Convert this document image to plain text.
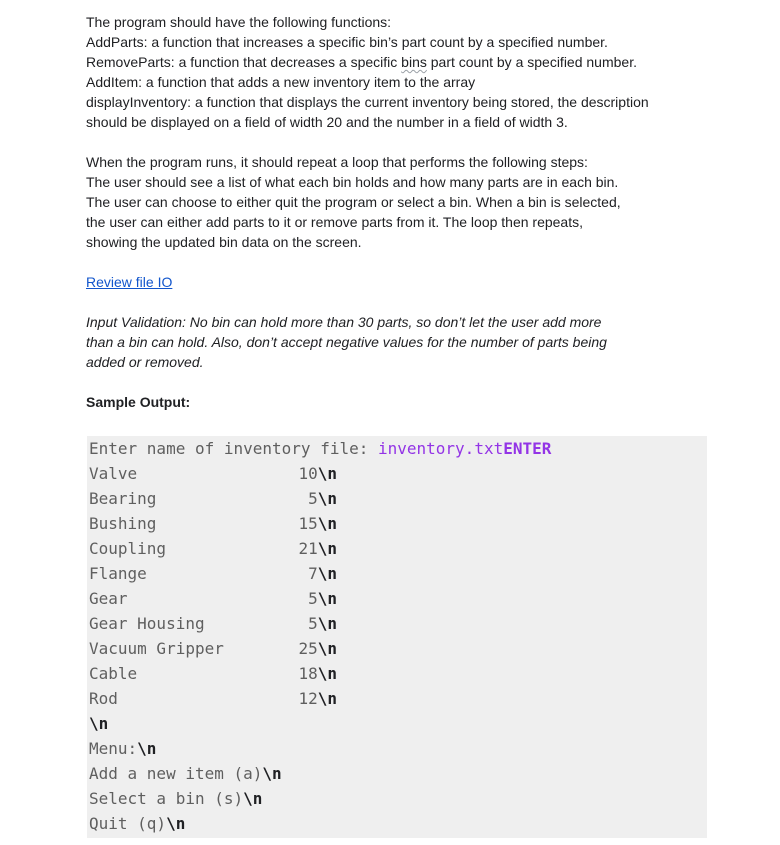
The program should have the following functions:
AddParts: a function that increases a specific bin’s part count by a specified number.
RemoveParts: a function that decreases a specific bins part count by a specified number.
AddItem: a function that adds a new inventory item to the array
displayInventory: a function that displays the current inventory being stored, the description
should be displayed on a field of width 20 and the number in a field of width 3.
When the program runs, it should repeat a loop that performs the following steps:
The user should see a list of what each bin holds and how many parts are in each bin.
The user can choose to either quit the program or select a bin. When a bin is selected,
the user can either add parts to it or remove parts from it. The loop then repeats,
showing the updated bin data on the screen.
Review file IO
Input Validation: No bin can hold more than 30 parts, so don’t let the user add more
than a bin can hold. Also, don’t accept negative values for the number of parts being
added or removed.
Sample Output:
Enter name of inventory file: inventory.txtENTER
Valve	10\n
Bearing	5\n
Bushing	15\n
Coupling	21\n
Flange	7\n
Gear	5\n
Gear Housing	5\n
Vacuum Gripper	25\n
Cable	18\n
Rod	12\n
\n
Menu:\n
Add a new item (a)\n
Select a bin (s)\n
Quit (q)\n
